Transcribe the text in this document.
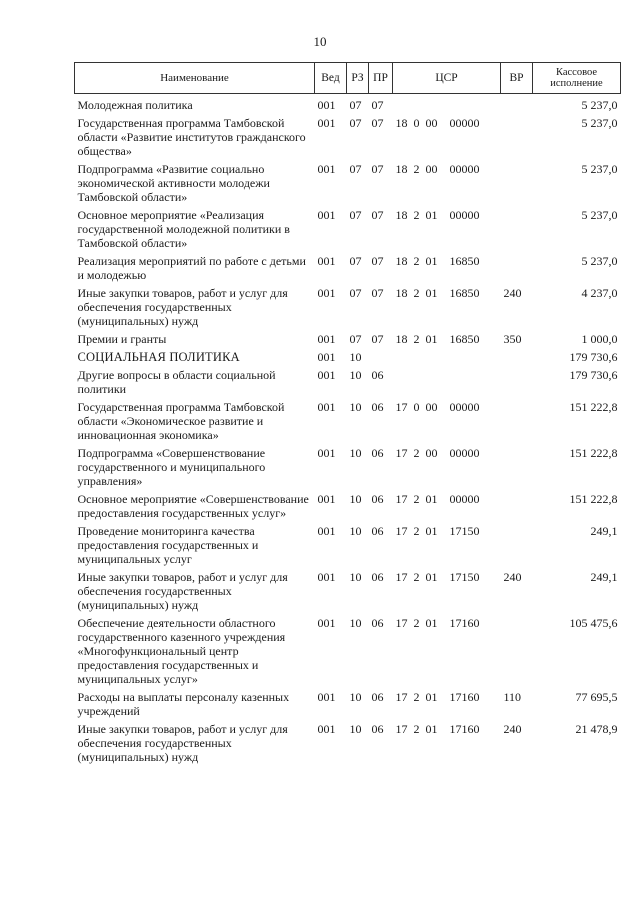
10
Наименование	Вед	РЗ	ПР	ЦСР	ВР	Кассовое исполнение

Молодежная политика	001	07	07			5 237,0

Государственная программа Тамбовской области «Развитие институтов гражданского общества»	001	07	07	18  0  00    00000		5 237,0

Подпрограмма «Развитие социально экономической активности молодежи Тамбовской области»	001	07	07	18  2  00    00000		5 237,0

Основное мероприятие «Реализация государственной молодежной политики в Тамбовской области»	001	07	07	18  2  01    00000		5 237,0

Реализация мероприятий по работе с детьми и молодежью	001	07	07	18  2  01    16850		5 237,0

Иные закупки товаров, работ и услуг для обеспечения государственных (муниципальных) нужд	001	07	07	18  2  01    16850	240	4 237,0

Премии и гранты	001	07	07	18  2  01    16850	350	1 000,0

СОЦИАЛЬНАЯ ПОЛИТИКА	001	10				179 730,6

Другие вопросы в области социальной политики	001	10	06			179 730,6

Государственная программа Тамбовской области «Экономическое развитие и инновационная экономика»	001	10	06	17  0  00    00000		151 222,8

Подпрограмма «Совершенствование государственного и муниципального управления»	001	10	06	17  2  00    00000		151 222,8

Основное мероприятие «Совершенствование предоставления государственных услуг»	001	10	06	17  2  01    00000		151 222,8

Проведение мониторинга качества предоставления государственных и муниципальных услуг	001	10	06	17  2  01    17150		249,1

Иные закупки товаров, работ и услуг для обеспечения государственных (муниципальных) нужд	001	10	06	17  2  01    17150	240	249,1

Обеспечение деятельности областного государственного казенного учреждения «Многофункциональный центр предоставления государственных и муниципальных услуг»	001	10	06	17  2  01    17160		105 475,6

Расходы на выплаты персоналу казенных учреждений	001	10	06	17  2  01    17160	110	77 695,5

Иные закупки товаров, работ и услуг для обеспечения государственных (муниципальных) нужд	001	10	06	17  2  01    17160	240	21 478,9
